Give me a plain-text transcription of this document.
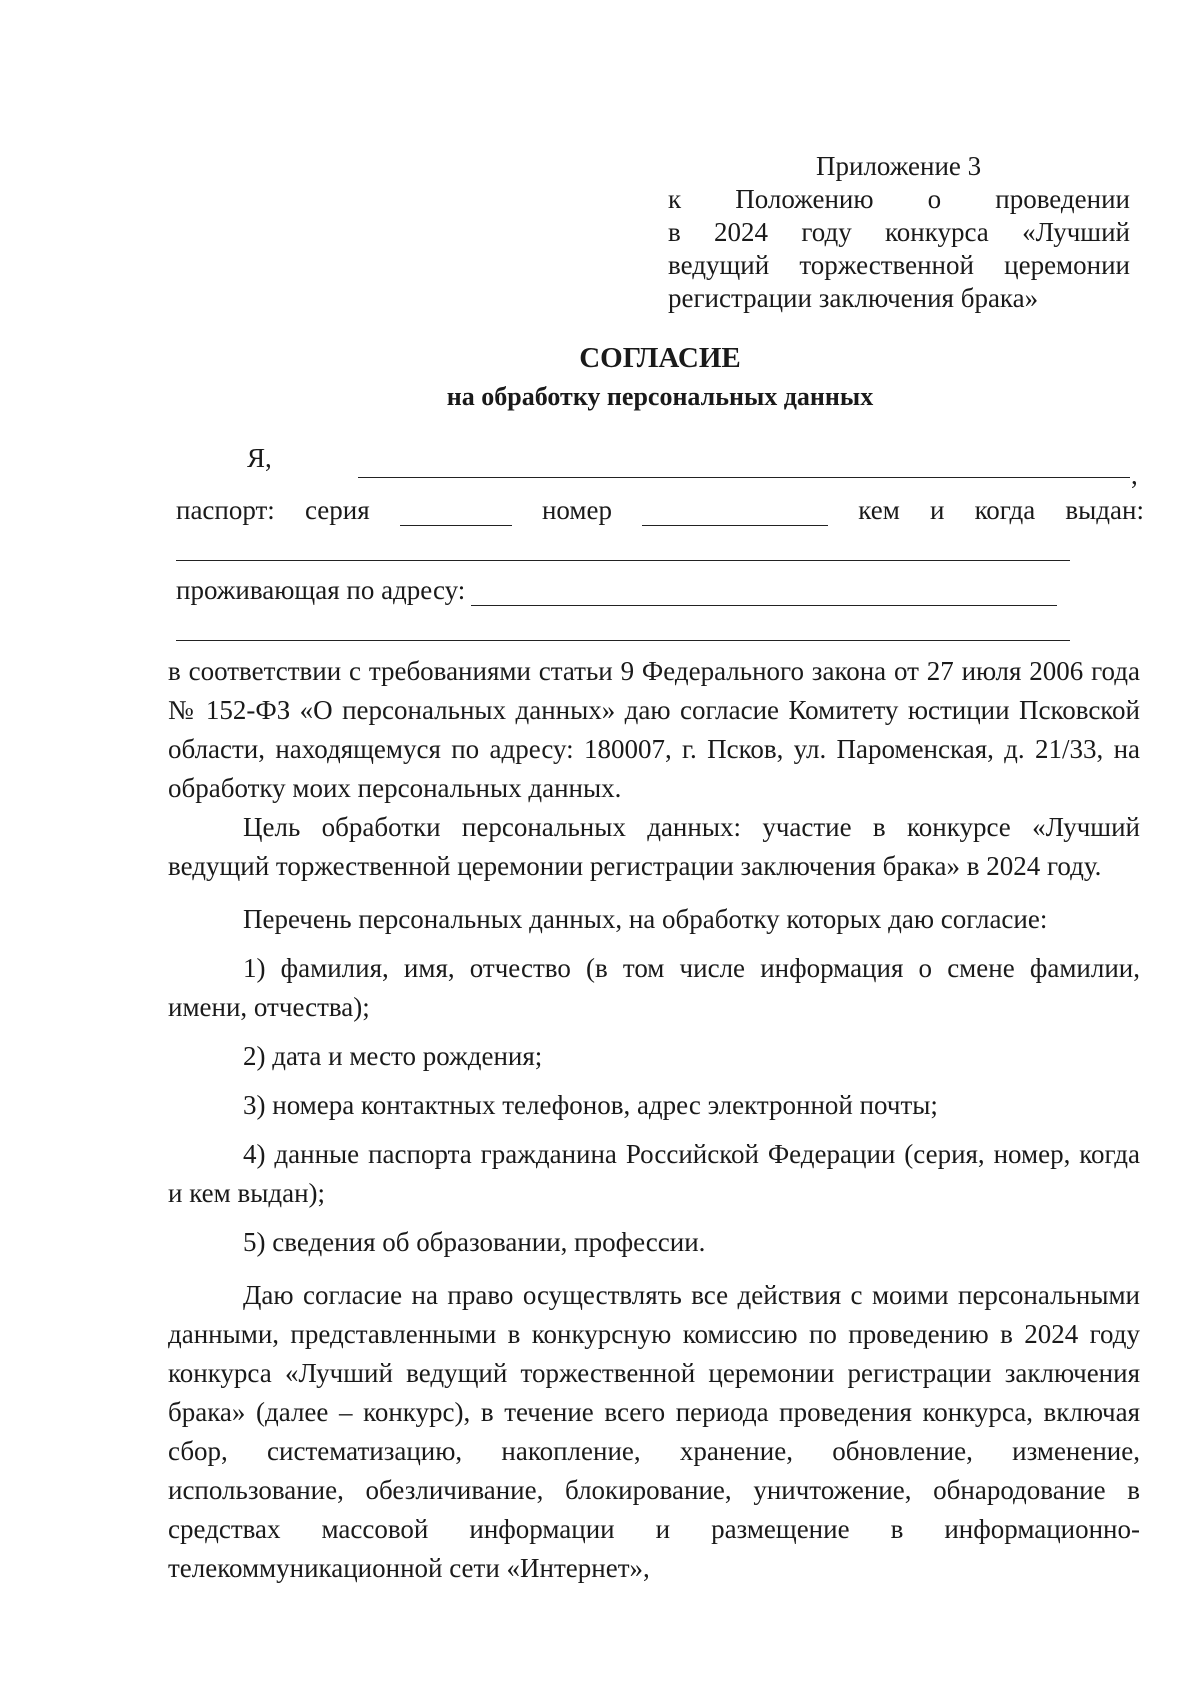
Приложение 3
к Положению о проведении
в 2024 году конкурса «Лучший
ведущий торжественной церемонии
регистрации заключения брака»
СОГЛАСИЕ
на обработку персональных данных
Я,
,
паспорт: серия	номер	кем и когда выдан:
проживающая по адресу:

в соответствии с требованиями статьи 9 Федерального закона от 27 июля 2006 года № 152-ФЗ «О персональных данных» даю согласие Комитету юстиции Псковской области, находящемуся по адресу: 180007, г. Псков, ул. Пароменская, д. 21/33, на обработку моих персональных данных.

Цель обработки персональных данных: участие в конкурсе «Лучший ведущий торжественной церемонии регистрации заключения брака» в 2024 году.

Перечень персональных данных, на обработку которых даю согласие:

1) фамилия, имя, отчество (в том числе информация о смене фамилии, имени, отчества);

2) дата и место рождения;

3) номера контактных телефонов, адрес электронной почты;

4) данные паспорта гражданина Российской Федерации (серия, номер, когда и кем выдан);

5) сведения об образовании, профессии.

Даю согласие на право осуществлять все действия с моими персональными данными, представленными в конкурсную комиссию по проведению в 2024 году конкурса «Лучший ведущий торжественной церемонии регистрации заключения брака» (далее – конкурс), в течение всего периода проведения конкурса, включая сбор, систематизацию, накопление, хранение, обновление, изменение, использование, обезличивание, блокирование, уничтожение, обнародование в средствах массовой информации и размещение в информационно-телекоммуникационной сети «Интернет»,
